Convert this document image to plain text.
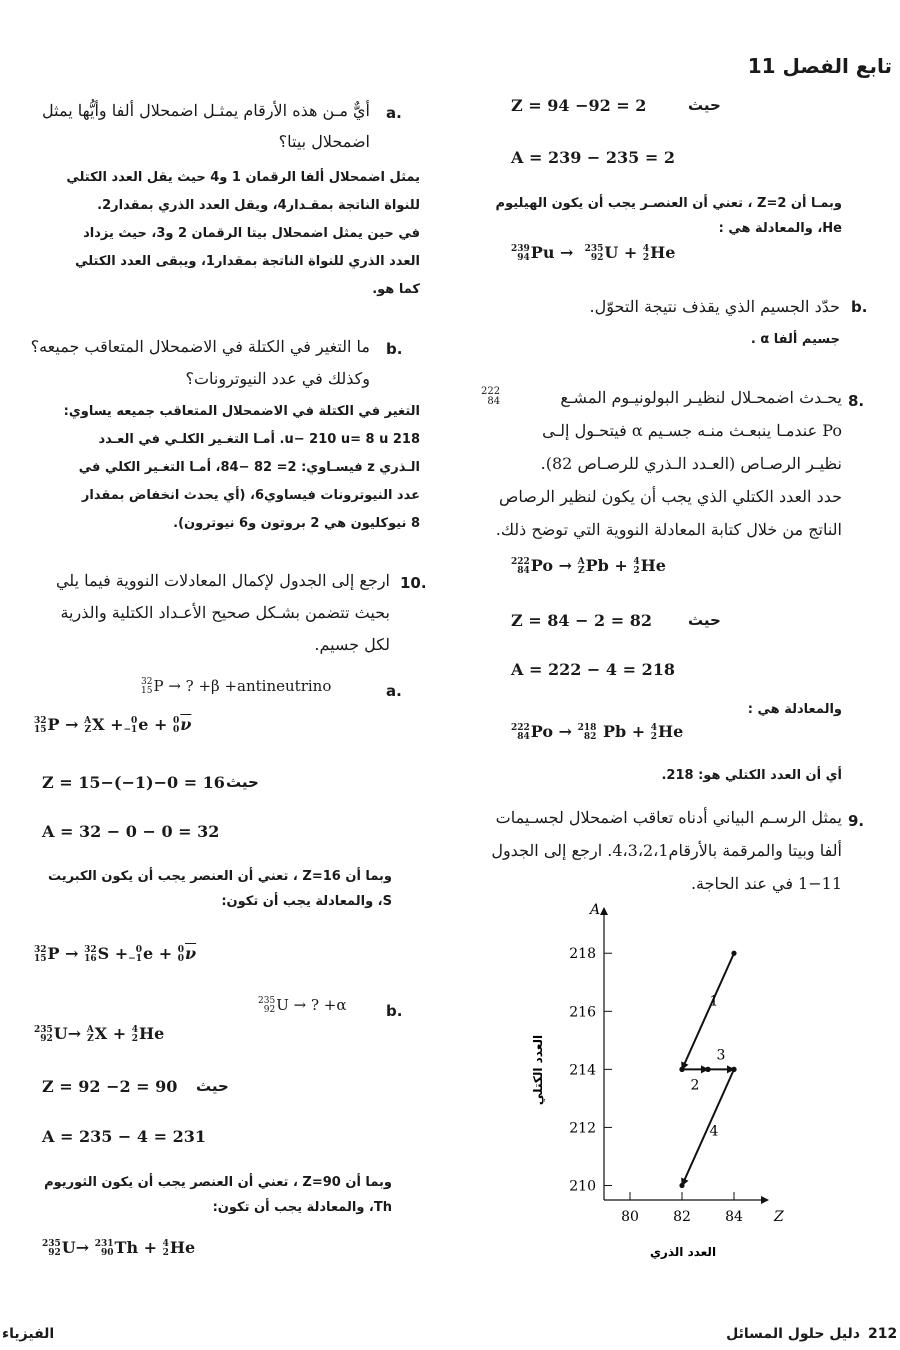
تابع الفصل 11
Z = 94 −92 = 2	حيث
A = 239 − 235 = 2
وبمـا أن Z=2 ، تعني أن العنصـر يجب أن يكون الهيليوم
He، والمعادلة هي :
239
94 Pu → 235
92 U + 4
2 He
b.
حدّد الجسيم الذي يقذف نتيجة التحوّل.
جسيم ألفا α .
8.
222
84	يحـدث اضمحـلال لنظيـر البولونيـوم المشـع
Po عندمـا ينبعـث منـه جسـيم α فيتحـول إلـى
نظيـر الرصـاص (العـدد الـذري للرصـاص 82).
حدد العدد الكتلي الذي يجب أن يكون لنظير الرصاص
الناتج من خلال كتابة المعادلة النووية التي توضح ذلك.
222
84 Po → A
Z Pb + 4
2 He
Z = 84 − 2 = 82 حيث
A = 222 − 4 = 218
والمعادلة هي :
222
84 Po → 218
82 Pb + 4
2 He
أي أن العدد الكتلي هو: 218.
9.
يمثل الرسـم البياني أدناه تعاقب اضمحلال لجسـيمات
ألفا وبيتا والمرقمة بالأرقام4،3،2،1. ارجع إلى الجدول
1−11 في عند الحاجة.
A
Z
210
212
214
216
218
80 82 84
1
2
3
4
العدد الذري
العدد الكتلي
a.
أيٌّ مـن هذه الأرقام يمثـل اضمحلال ألفا وأيُّها يمثل
اضمحلال بيتا؟
يمثل اضمحلال ألفا الرقمان 1 و4 حيث يقل العدد الكتلي
للنواة الناتجة بمقـدار4، ويقل العدد الذري بمقدار2.
في حين يمثل اضمحلال بيتا الرقمان 2 و3، حيث يزداد
العدد الذري للنواة الناتجة بمقدار1، ويبقى العدد الكتلي
كما هو.
b.
ما التغير في الكتلة في الاضمحلال المتعاقب جميعه؟
وكذلك في عدد النيوترونات؟
التغير في الكتلة في الاضمحلال المتعاقب جميعه يساوي:
218 u− 210 u= 8 u. أمـا التغـير الكلـي في العـدد
الـذري z فيسـاوي: 2= 82 −84، أمـا التغـير الكلي في
عدد النيوترونات فيساوي6، (أي يحدث انخفاض بمقدار
8 نيوكليون هي 2 بروتون و6 نيوترون).
10.
ارجع إلى الجدول لإكمال المعادلات النووية فيما يلي
بحيث تتضمن بشـكل صحيح الأعـداد الكتلية والذرية
لكل جسيم.
a.
32
15 P → ? +β +antineutrino
32
15 P → A
Z X + 0
−1 e + 0
0 $\overline{\nu}$
Z = 15−(−1)−0 = 16 حيث
A = 32 − 0 − 0 = 32
وبما أن Z=16 ، تعني أن العنصر يجب أن يكون الكبريت
S، والمعادلة يجب أن تكون:
32
15 P → 32
16 S + 0
−1 e + 0
0 $\overline{\nu}$
b.
235
92 U → ? +α
235
92 U→ A
Z X + 4
2 He
Z = 92 −2 = 90 حيث
A = 235 − 4 = 231
وبما أن Z=90 ، تعني أن العنصر يجب أن يكون الثوريوم
Th، والمعادلة يجب أن تكون:
235
92 U→ 231
90 Th + 4
2 He
212
دليل حلول المسائل
الفيزياء
